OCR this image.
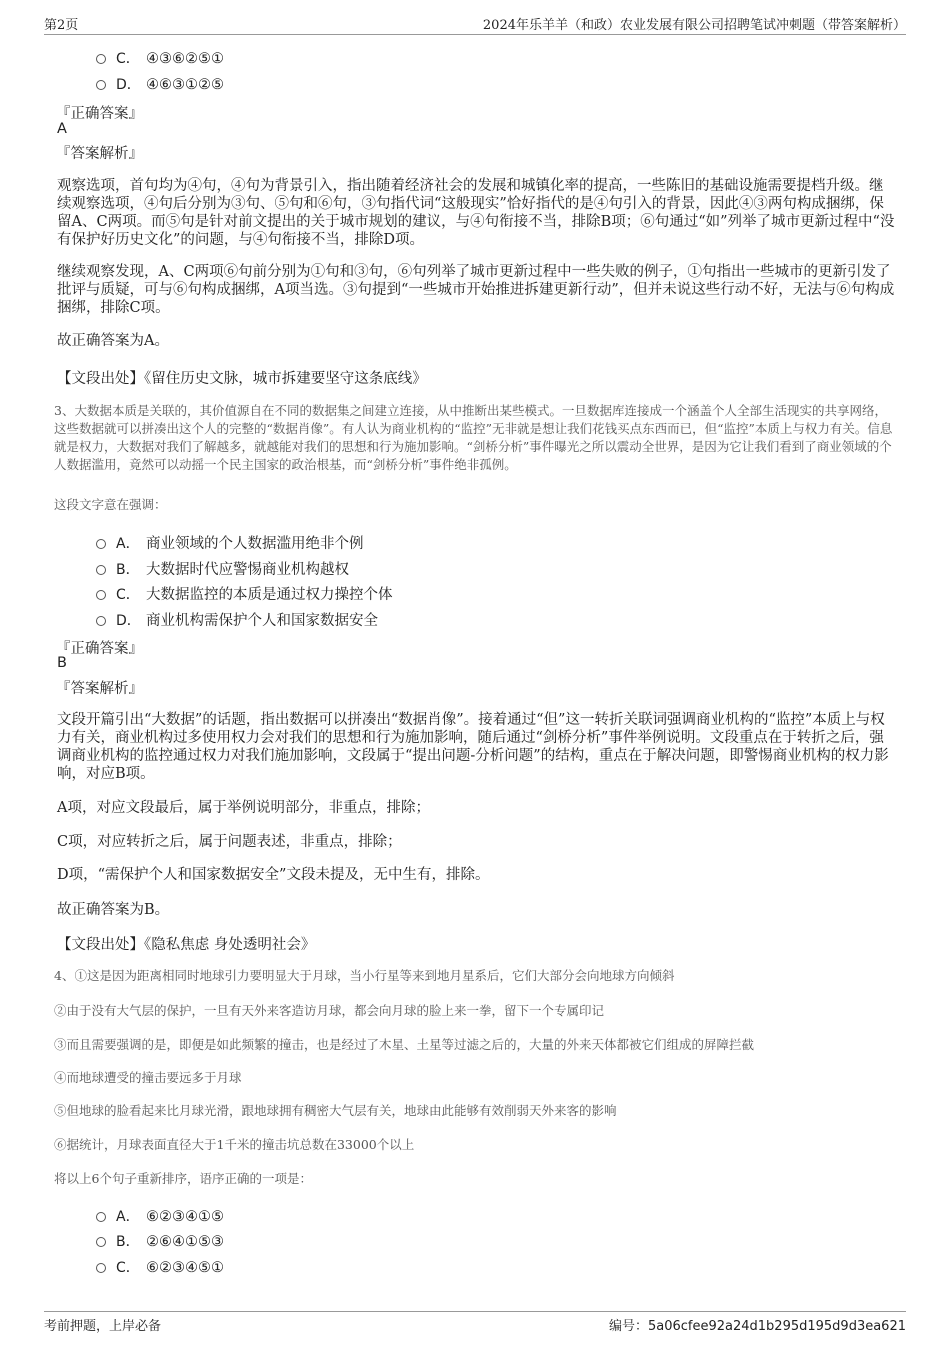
第2页	2024年乐羊羊（和政）农业发展有限公司招聘笔试冲刺题（带答案解析）
C． ④③⑥②⑤①
D． ④⑥③①②⑤
『正确答案』
A
『答案解析』
观察选项，首句均为④句，④句为背景引入，指出随着经济社会的发展和城镇化率的提高，一些陈旧的基础设施需要提档升级。继续观察选项，④句后分别为③句、⑤句和⑥句，③句指代词“这般现实”恰好指代的是④句引入的背景，因此④③两句构成捆绑，保留A、C两项。而⑤句是针对前文提出的关于城市规划的建议，与④句衔接不当，排除B项；⑥句通过“如”列举了城市更新过程中“没有保护好历史文化”的问题，与④句衔接不当，排除D项。
继续观察发现，A、C两项⑥句前分别为①句和③句，⑥句列举了城市更新过程中一些失败的例子，①句指出一些城市的更新引发了批评与质疑，可与⑥句构成捆绑，A项当选。③句提到“一些城市开始推进拆建更新行动”，但并未说这些行动不好，无法与⑥句构成捆绑，排除C项。
故正确答案为A。
【文段出处】《留住历史文脉，城市拆建要坚守这条底线》
3、大数据本质是关联的，其价值源自在不同的数据集之间建立连接，从中推断出某些模式。一旦数据库连接成一个涵盖个人全部生活现实的共享网络，这些数据就可以拼凑出这个人的完整的“数据肖像”。有人认为商业机构的“监控”无非就是想让我们花钱买点东西而已，但“监控”本质上与权力有关。信息就是权力，大数据对我们了解越多，就越能对我们的思想和行为施加影响。“剑桥分析”事件曝光之所以震动全世界，是因为它让我们看到了商业领域的个人数据滥用，竟然可以动摇一个民主国家的政治根基，而“剑桥分析”事件绝非孤例。
这段文字意在强调：
A． 商业领域的个人数据滥用绝非个例
B． 大数据时代应警惕商业机构越权
C． 大数据监控的本质是通过权力操控个体
D． 商业机构需保护个人和国家数据安全
『正确答案』
B
『答案解析』
文段开篇引出“大数据”的话题，指出数据可以拼凑出“数据肖像”。接着通过“但”这一转折关联词强调商业机构的“监控”本质上与权力有关，商业机构过多使用权力会对我们的思想和行为施加影响，随后通过“剑桥分析”事件举例说明。文段重点在于转折之后，强调商业机构的监控通过权力对我们施加影响，文段属于“提出问题-分析问题”的结构，重点在于解决问题，即警惕商业机构的权力影响，对应B项。
A项，对应文段最后，属于举例说明部分，非重点，排除；
C项，对应转折之后，属于问题表述，非重点，排除；
D项，“需保护个人和国家数据安全”文段未提及，无中生有，排除。
故正确答案为B。
【文段出处】《隐私焦虑 身处透明社会》
4、①这是因为距离相同时地球引力要明显大于月球，当小行星等来到地月星系后，它们大部分会向地球方向倾斜
②由于没有大气层的保护，一旦有天外来客造访月球，都会向月球的脸上来一拳，留下一个专属印记
③而且需要强调的是，即便是如此频繁的撞击，也是经过了木星、土星等过滤之后的，大量的外来天体都被它们组成的屏障拦截
④而地球遭受的撞击要远多于月球
⑤但地球的脸看起来比月球光滑，跟地球拥有稠密大气层有关，地球由此能够有效削弱天外来客的影响
⑥据统计，月球表面直径大于1千米的撞击坑总数在33000个以上
将以上6个句子重新排序，语序正确的一项是：
A． ⑥②③④①⑤
B． ②⑥④①⑤③
C． ⑥②③④⑤①
考前押题，上岸必备	编号：5a06cfee92a24d1b295d195d9d3ea621
